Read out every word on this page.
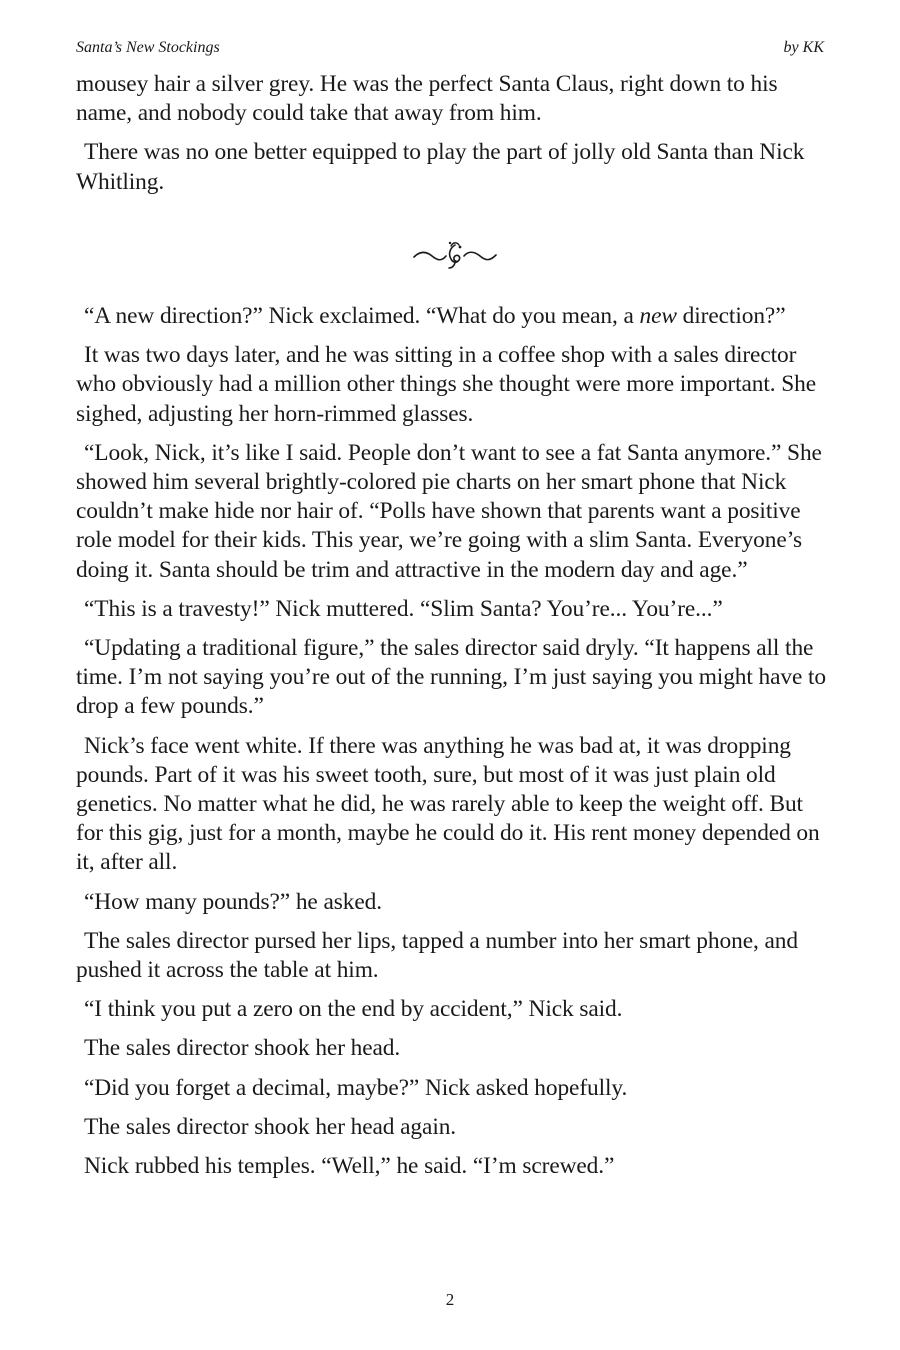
Santa’s New Stockings	by KK

mousey hair a silver grey. He was the perfect Santa Claus, right down to his name, and nobody could take that away from him.

There was no one better equipped to play the part of jolly old Santa than Nick Whitling.

“A new direction?” Nick exclaimed. “What do you mean, a new direction?”

It was two days later, and he was sitting in a coffee shop with a sales director who obviously had a million other things she thought were more important. She sighed, adjusting her horn-rimmed glasses.

“Look, Nick, it’s like I said. People don’t want to see a fat Santa anymore.” She showed him several brightly-colored pie charts on her smart phone that Nick couldn’t make hide nor hair of. “Polls have shown that parents want a positive role model for their kids. This year, we’re going with a slim Santa. Everyone’s doing it. Santa should be trim and attractive in the modern day and age.”

“This is a travesty!” Nick muttered. “Slim Santa? You’re... You’re...”

“Updating a traditional figure,” the sales director said dryly. “It happens all the time. I’m not saying you’re out of the running, I’m just saying you might have to drop a few pounds.”

Nick’s face went white. If there was anything he was bad at, it was dropping pounds. Part of it was his sweet tooth, sure, but most of it was just plain old genetics. No matter what he did, he was rarely able to keep the weight off. But for this gig, just for a month, maybe he could do it. His rent money depended on it, after all.

“How many pounds?” he asked.

The sales director pursed her lips, tapped a number into her smart phone, and pushed it across the table at him.

“I think you put a zero on the end by accident,” Nick said.

The sales director shook her head.

“Did you forget a decimal, maybe?” Nick asked hopefully.

The sales director shook her head again.

Nick rubbed his temples. “Well,” he said. “I’m screwed.”

2
